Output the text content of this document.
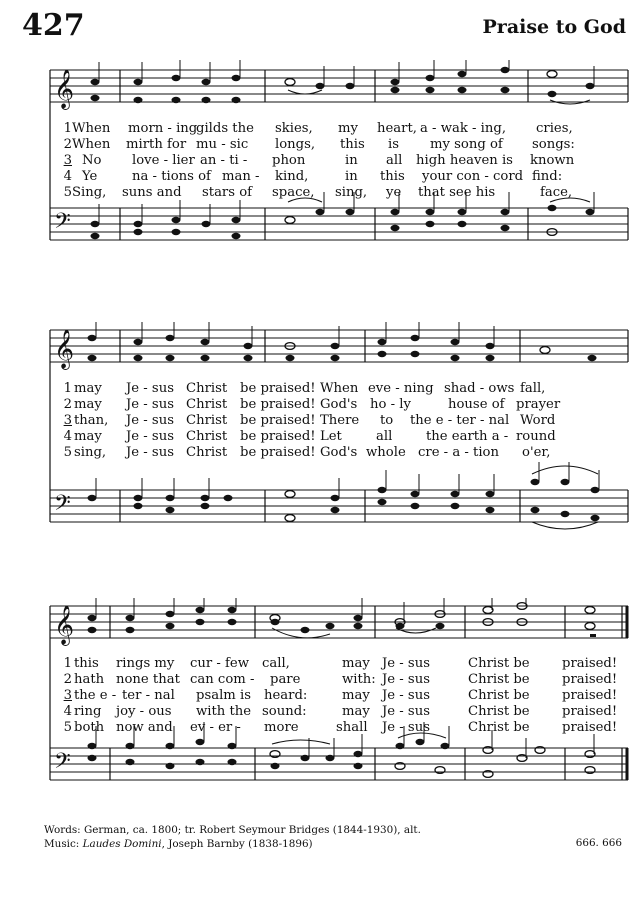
427	Praise to God
𝄞
𝄢
𝄞
𝄢
𝄞
𝄢
1 When morn - ing
gilds the skies, my heart, a - wak - ing, cries,
2 When mirth for mu - sic longs, this is my song of songs:
3 No love - lier an - ti - phon	in all high heaven is known
4 Ye	na - tions of man - kind,	in this your con - cord find:
5 Sing, suns and stars of space, sing, ye that see his	face,
1 may Je - sus Christ be praised! When eve - ning shad - ows fall,
2 may Je - sus Christ be praised! God's ho - ly	house of prayer
3 than, Je - sus Christ be praised! There to the e - ter - nal Word
4 may Je - sus Christ be praised! Let	all	the earth a - round
5 sing, Je - sus Christ be praised! God's whole cre - a - tion o'er,
1 this rings my cur - few call,	may Je - sus	Christ be praised!
2 hath none that can com - pare	with: Je - sus	Christ be praised!
3 the e - ter - nal psalm is heard:	may Je - sus	Christ be praised!
4 ring joy - ous with the sound:	may Je - sus	Christ be praised!
5 both now and ev - er - more	shall Je - sus	Christ be praised!
Words: German, ca. 1800; tr. Robert Seymour Bridges (1844-1930), alt.
Music: Laudes Domini, Joseph Barnby (1838-1896)	666. 666
